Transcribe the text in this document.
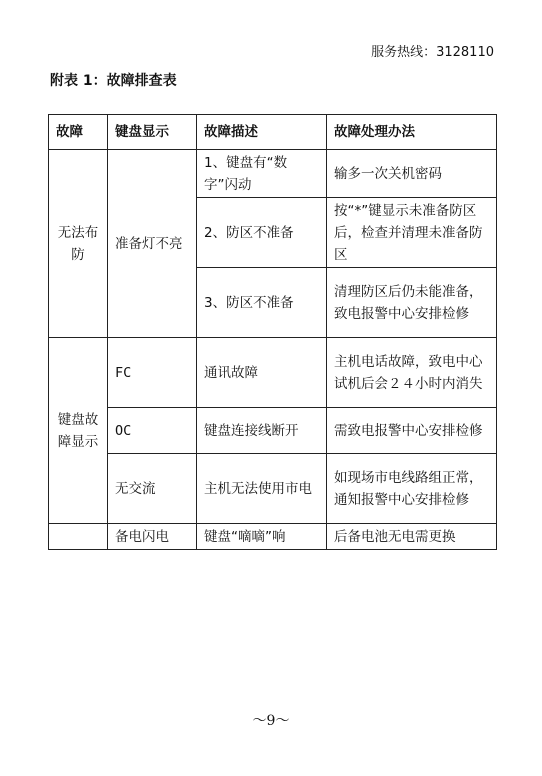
服务热线：3128110
附表 1：故障排查表
故障	键盘显示	故障描述	故障处理办法
无法布防	准备灯不亮	1、键盘有“数字”闪动	输多一次关机密码
		2、防区不准备	按“*”键显示未准备防区后，检查并清理未准备防区
		3、防区不准备	清理防区后仍未能准备，致电报警中心安排检修
键盘故障显示	FC	通讯故障	主机电话故障，致电中心试机后会２４小时内消失
	OC	键盘连接线断开	需致电报警中心安排检修
	无交流	主机无法使用市电	如现场市电线路组正常，通知报警中心安排检修
	备电闪电	键盘“嘀嘀”响	后备电池无电需更换
～9～
